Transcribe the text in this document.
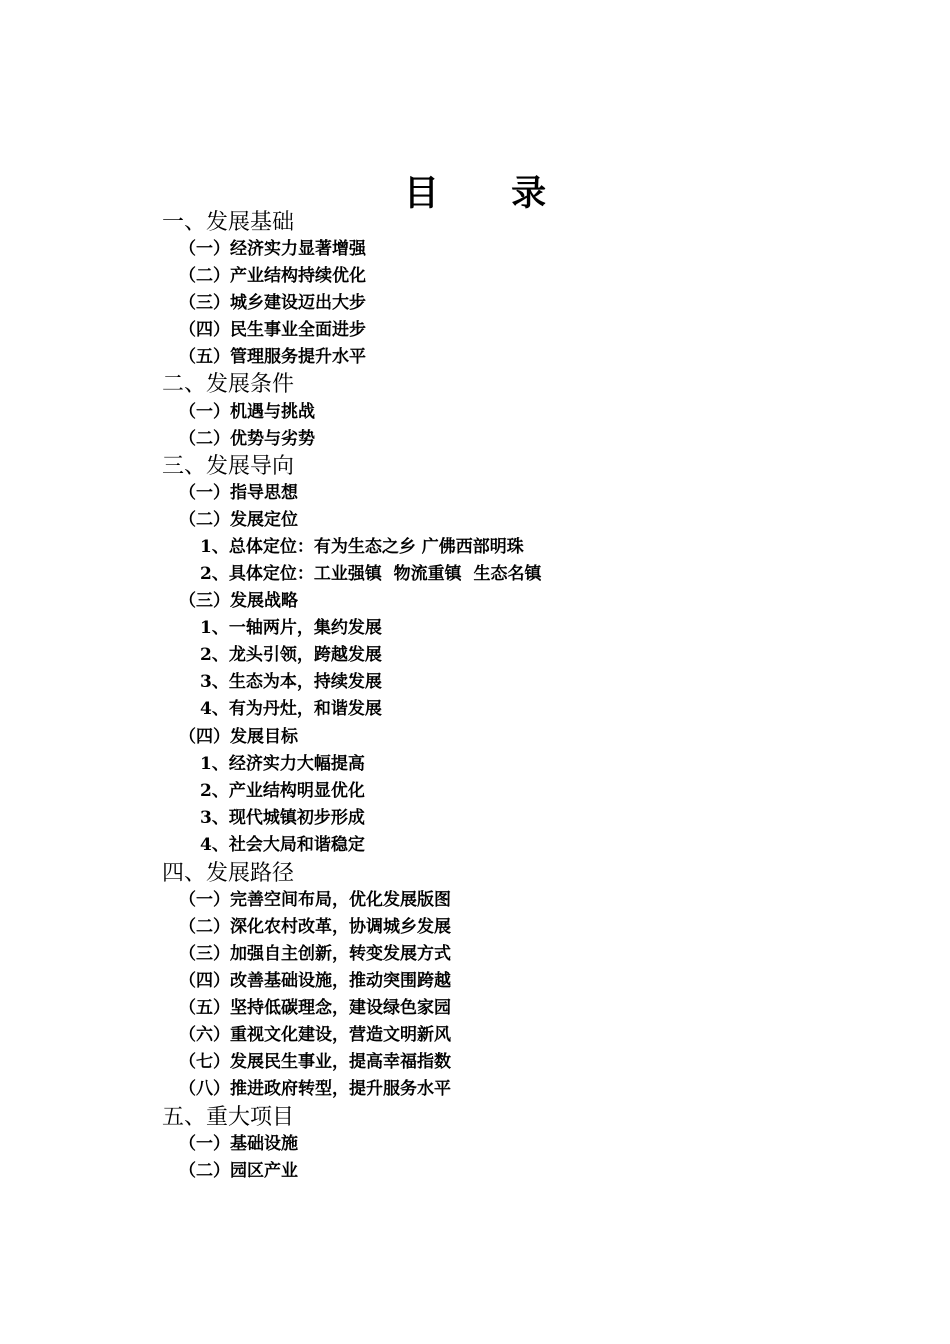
目 录
一、发展基础
（一）经济实力显著增强
（二）产业结构持续优化
（三）城乡建设迈出大步
（四）民生事业全面进步
（五）管理服务提升水平
二、发展条件
（一）机遇与挑战
（二）优势与劣势
三、发展导向
（一）指导思想
（二）发展定位
1、总体定位：有为生态之乡 广佛西部明珠
2、具体定位：工业强镇  物流重镇  生态名镇
（三）发展战略
1、一轴两片，集约发展
2、龙头引领，跨越发展
3、生态为本，持续发展
4、有为丹灶，和谐发展
（四）发展目标
1、经济实力大幅提高
2、产业结构明显优化
3、现代城镇初步形成
4、社会大局和谐稳定
四、发展路径
（一）完善空间布局，优化发展版图
（二）深化农村改革，协调城乡发展
（三）加强自主创新，转变发展方式
（四）改善基础设施，推动突围跨越
（五）坚持低碳理念，建设绿色家园
（六）重视文化建设，营造文明新风
（七）发展民生事业，提高幸福指数
（八）推进政府转型，提升服务水平
五、重大项目
（一）基础设施
（二）园区产业
